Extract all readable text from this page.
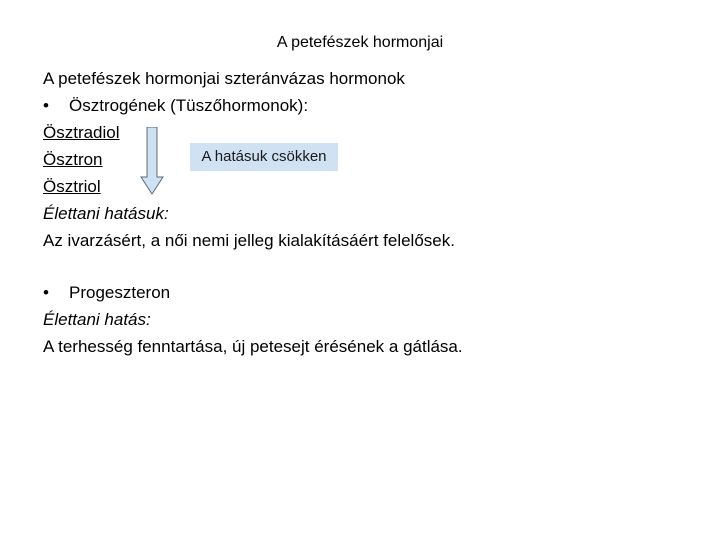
A petefészek hormonjai
A petefészek hormonjai szteránvázas hormonok
• Ösztrogének (Tüszőhormonok):
Ösztradiol
Ösztron
Ösztriol
A hatásuk csökken
Élettani hatásuk:
Az ivarzásért, a női nemi jelleg kialakításáért felelősek.
• Progeszteron
Élettani hatás:
A terhesség fenntartása, új petesejt érésének a gátlása.
